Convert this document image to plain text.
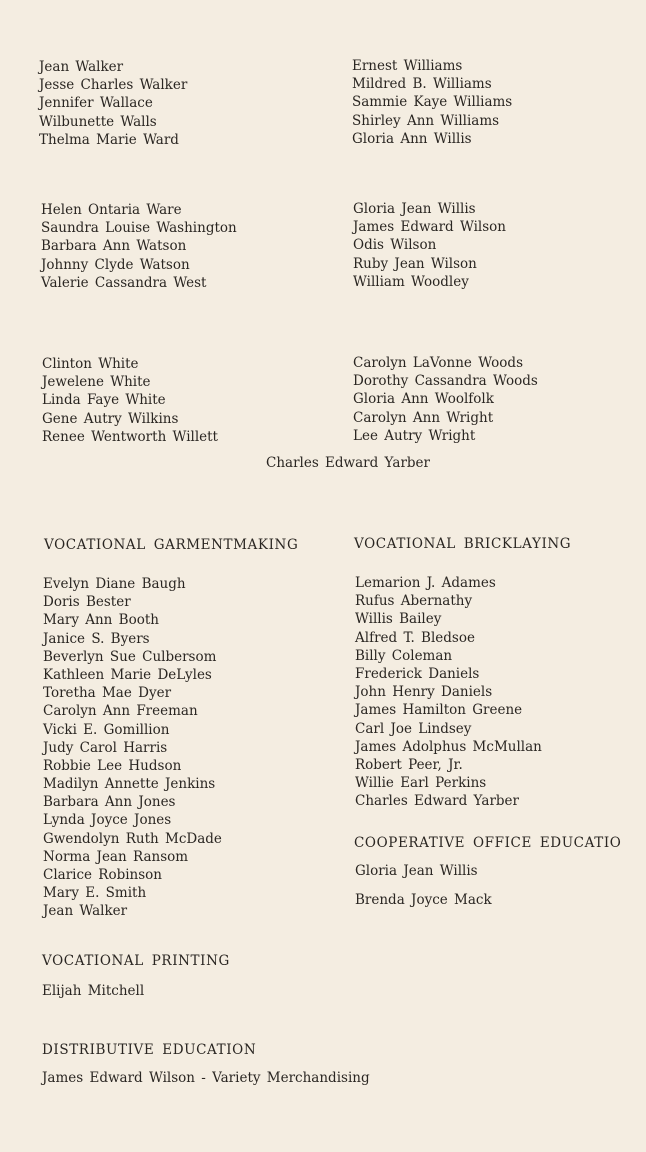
Jean Walker
Jesse Charles Walker
Jennifer Wallace
Wilbunette Walls
Thelma Marie Ward
Ernest Williams
Mildred B. Williams
Sammie Kaye Williams
Shirley Ann Williams
Gloria Ann Willis
Helen Ontaria Ware
Saundra Louise Washington
Barbara Ann Watson
Johnny Clyde Watson
Valerie Cassandra West
Gloria Jean Willis
James Edward Wilson
Odis Wilson
Ruby Jean Wilson
William Woodley
Clinton White
Jewelene White
Linda Faye White
Gene Autry Wilkins
Renee Wentworth Willett
Carolyn LaVonne Woods
Dorothy Cassandra Woods
Gloria Ann Woolfolk
Carolyn Ann Wright
Lee Autry Wright

Charles Edward Yarber

VOCATIONAL GARMENTMAKING
Evelyn Diane Baugh
Doris Bester
Mary Ann Booth
Janice S. Byers
Beverlyn Sue Culbersom
Kathleen Marie DeLyles
Toretha Mae Dyer
Carolyn Ann Freeman
Vicki E. Gomillion
Judy Carol Harris
Robbie Lee Hudson
Madilyn Annette Jenkins
Barbara Ann Jones
Lynda Joyce Jones
Gwendolyn Ruth McDade
Norma Jean Ransom
Clarice Robinson
Mary E. Smith
Jean Walker
VOCATIONAL BRICKLAYING
Lemarion J. Adames
Rufus Abernathy
Willis Bailey
Alfred T. Bledsoe
Billy Coleman
Frederick Daniels
John Henry Daniels
James Hamilton Greene
Carl Joe Lindsey
James Adolphus McMullan
Robert Peer, Jr.
Willie Earl Perkins
Charles Edward Yarber
COOPERATIVE OFFICE EDUCATIO

Gloria Jean Willis

Brenda Joyce Mack

VOCATIONAL PRINTING

Elijah Mitchell

DISTRIBUTIVE EDUCATION

James Edward Wilson - Variety Merchandising
